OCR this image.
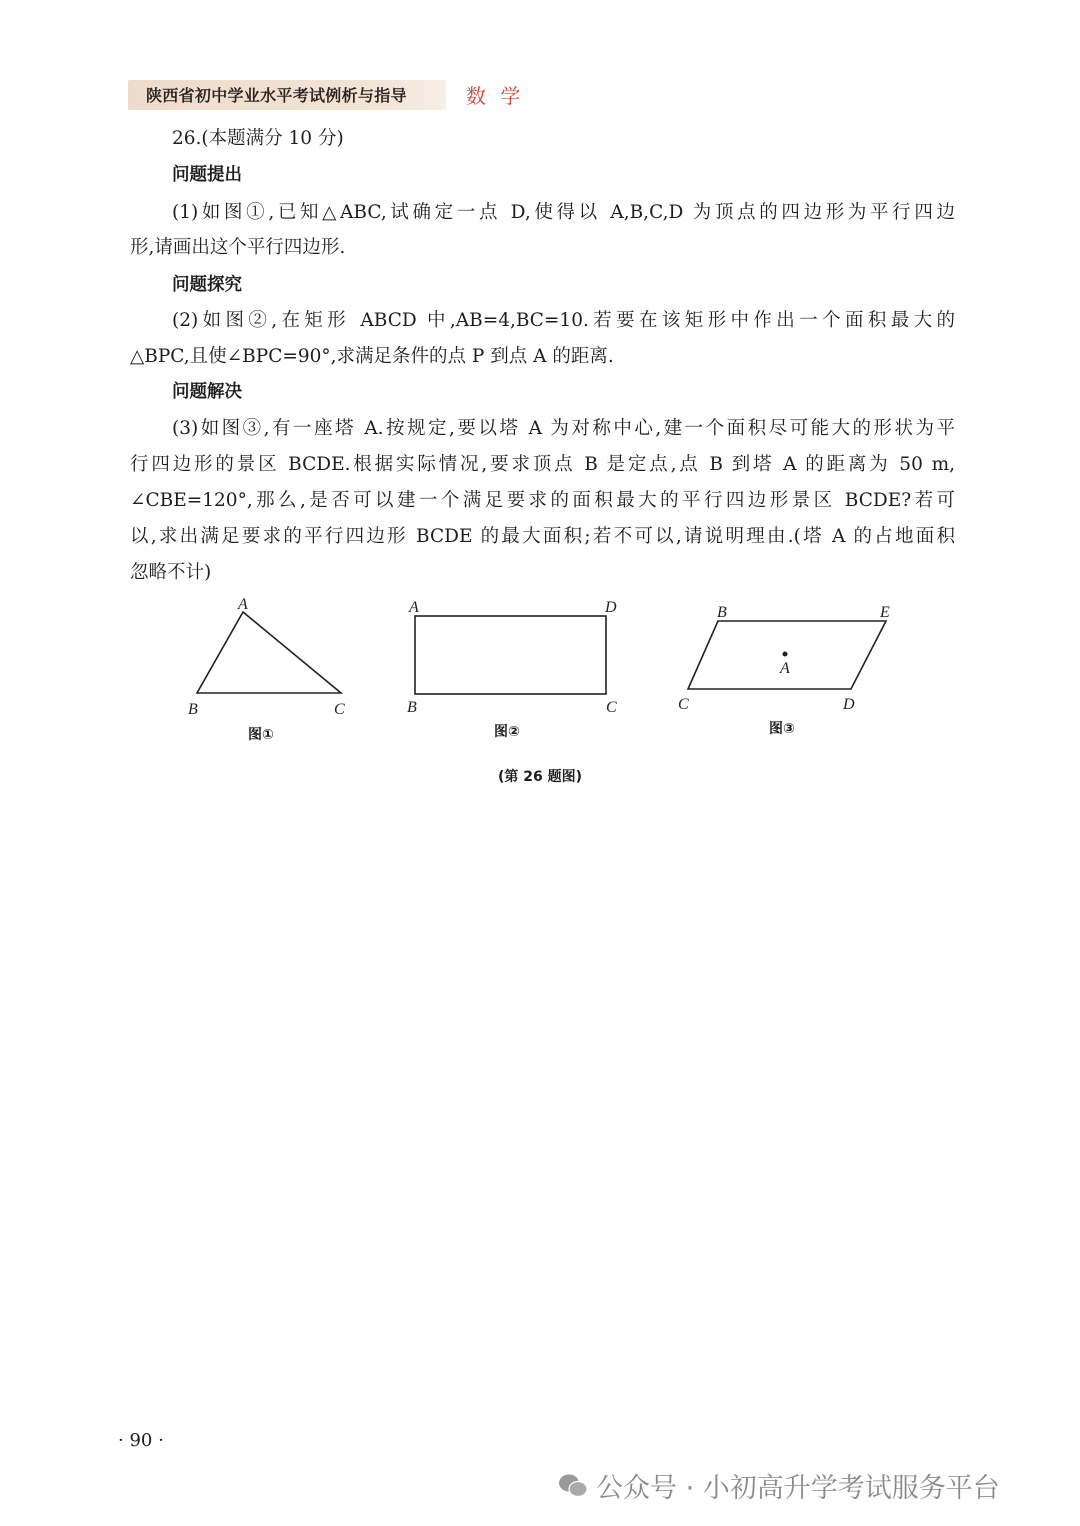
陕西省初中学业水平考试例析与指导	数 学
26.(本题满分 10 分)
问题提出
(1)如图①,已知△ABC,试确定一点 D,使得以 A,B,C,D 为顶点的四边形为平行四边
形,请画出这个平行四边形.
问题探究
(2)如图②,在矩形 ABCD 中,AB=4,BC=10.若要在该矩形中作出一个面积最大的
△BPC,且使∠BPC=90°,求满足条件的点 P 到点 A 的距离.
问题解决
(3)如图③,有一座塔 A.按规定,要以塔 A 为对称中心,建一个面积尽可能大的形状为平
行四边形的景区 BCDE.根据实际情况,要求顶点 B 是定点,点 B 到塔 A 的距离为 50 m,
∠CBE=120°,那么,是否可以建一个满足要求的面积最大的平行四边形景区 BCDE?若可
以,求出满足要求的平行四边形 BCDE 的最大面积;若不可以,请说明理由.(塔 A 的占地面积
忽略不计)
A
B	C
A	D
B	C
A
B	E
C	D
图①	图②	图③
(第 26 题图)
· 90 ·
公众号 · 小初高升学考试服务平台
